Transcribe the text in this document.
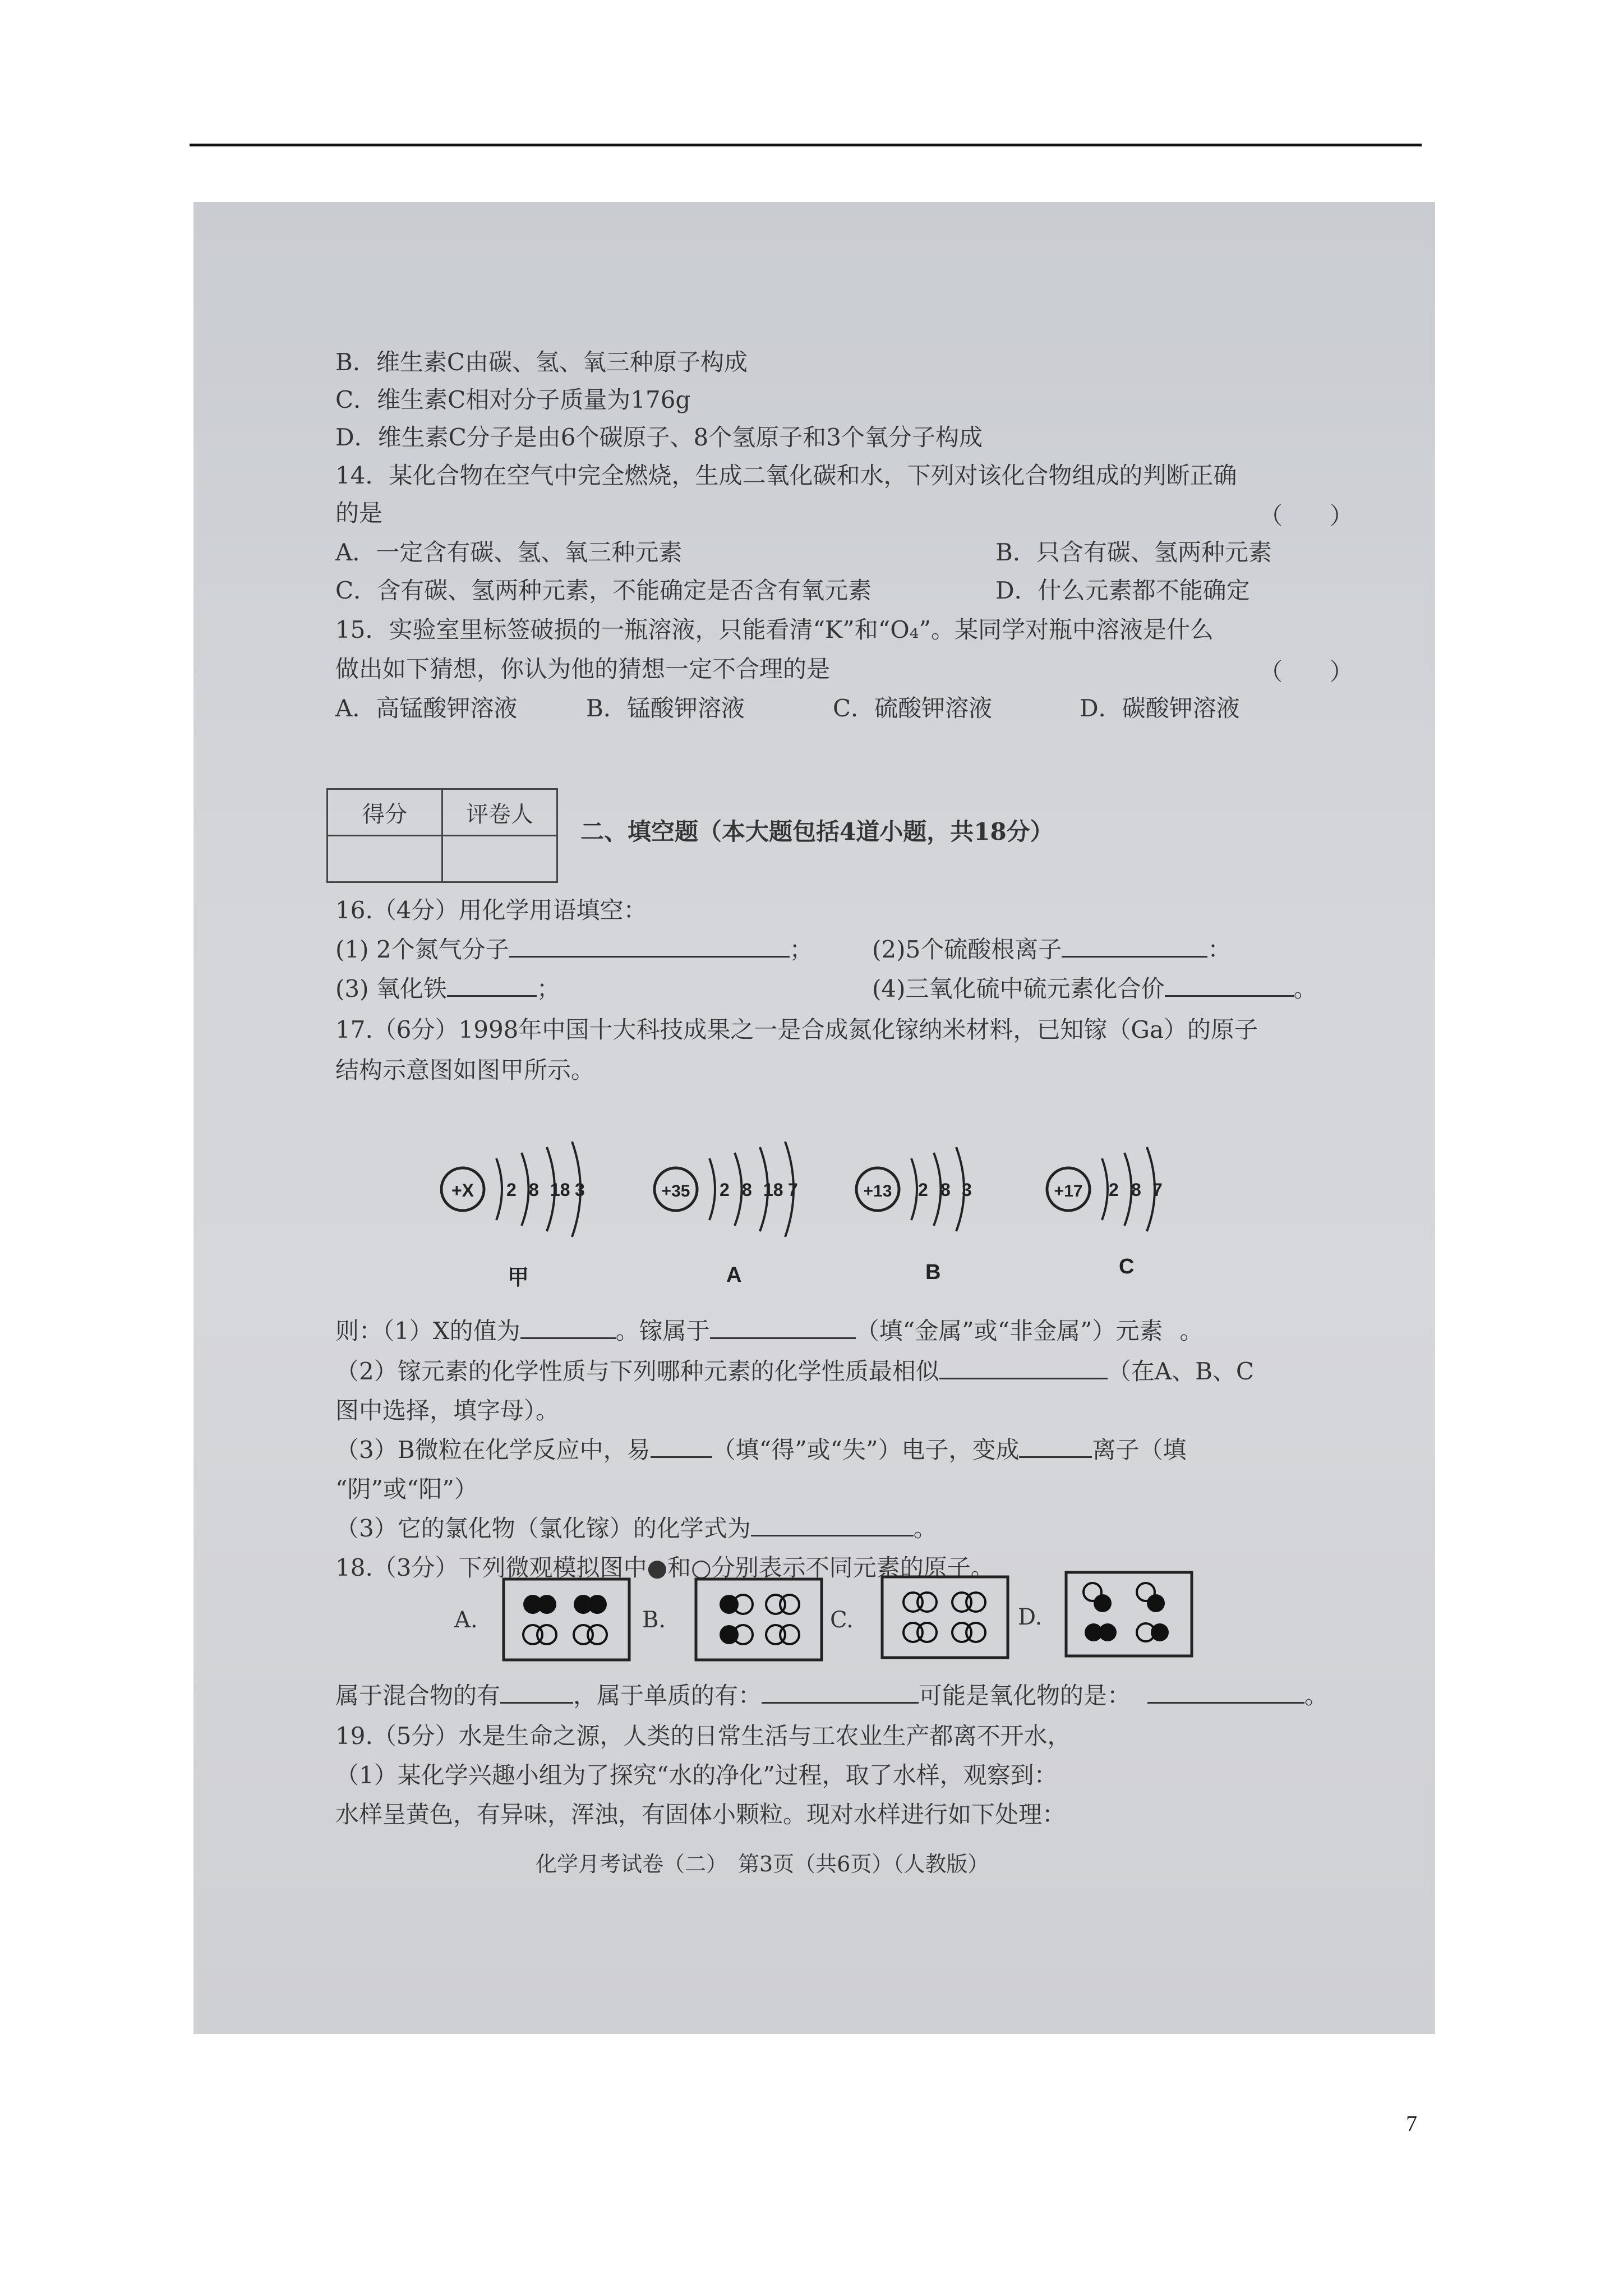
B．维生素C由碳、氢、氧三种原子构成
C．维生素C相对分子质量为176g
D．维生素C分子是由6个碳原子、8个氢原子和3个氧分子构成
14．某化合物在空气中完全燃烧，生成二氧化碳和水，下列对该化合物组成的判断正确
的是	（　　）
A．一定含有碳、氢、氧三种元素	B．只含有碳、氢两种元素
C．含有碳、氢两种元素，不能确定是否含有氧元素	D．什么元素都不能确定
15．实验室里标签破损的一瓶溶液，只能看清“K”和“O₄”。某同学对瓶中溶液是什么
做出如下猜想，你认为他的猜想一定不合理的是	（　　）
A．高锰酸钾溶液	B．锰酸钾溶液	C．硫酸钾溶液	D．碳酸钾溶液
二、填空题（本大题包括4道小题，共18分）
16.（4分）用化学用语填空：
(1) 2个氮气分子	；	(2)5个硫酸根离子	：
(3) 氧化铁	；	(4)三氧化硫中硫元素化合价	。
17.（6分）1998年中国十大科技成果之一是合成氮化镓纳米材料，已知镓（Ga）的原子
结构示意图如图甲所示。
+X 2 8 18 3
甲
+35 2 8 18 7
A
+13 2 8 3
B
+17 2 8 7
C
则：（1）X的值为	。镓属于	（填“金属”或“非金属”）元素 。
（2）镓元素的化学性质与下列哪种元素的化学性质最相似	（在A、B、C
图中选择，填字母）。
（3）B微粒在化学反应中，易	（填“得”或“失”）电子，变成	离子（填
“阴”或“阳”）
（3）它的氯化物（氯化镓）的化学式为	。
18.（3分）下列微观模拟图中●和○分别表示不同元素的原子。
A.	B.	C.	D.
属于混合物的有	，属于单质的有：	可能是氧化物的是：	。
19.（5分）水是生命之源，人类的日常生活与工农业生产都离不开水，
（1）某化学兴趣小组为了探究“水的净化”过程，取了水样，观察到：
水样呈黄色，有异味，浑浊，有固体小颗粒。现对水样进行如下处理：
化学月考试卷（二）　第3页（共6页）（人教版）
得分	评卷人

7
